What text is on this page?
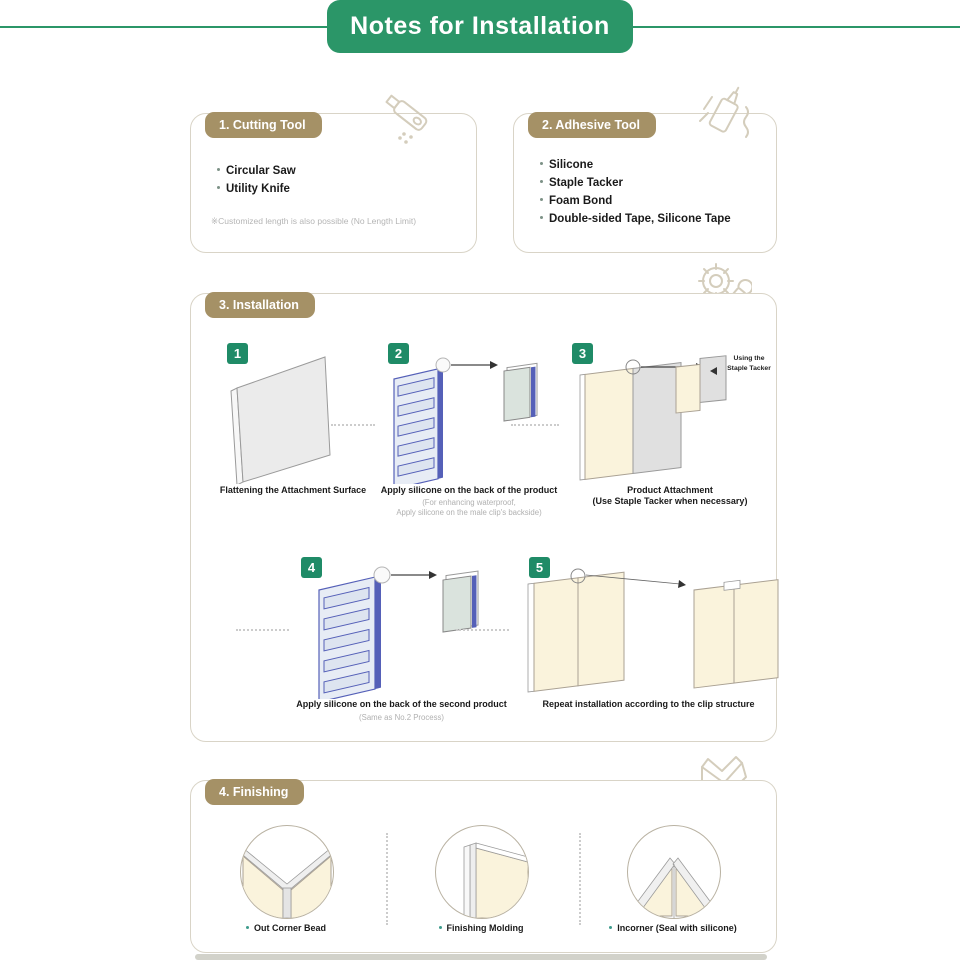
Notes for Installation
1. Cutting Tool
Circular Saw
Utility Knife
※Customized length is also possible (No Length Limit)
2. Adhesive Tool
Silicone
Staple Tacker
Foam Bond
Double-sided Tape, Silicone Tape
3. Installation
1
Flattening the Attachment Surface
2
Apply silicone on the back of the product
(For enhancing waterproof,
Apply silicone on the male clip's backside)
3	Using the
Staple Tacker
Product Attachment
(Use Staple Tacker when necessary)
4
Apply silicone on the back of the second product
(Same as No.2 Process)
5
Repeat installation according to the clip structure
4. Finishing
Out Corner Bead	Finishing Molding	Incorner (Seal with silicone)
